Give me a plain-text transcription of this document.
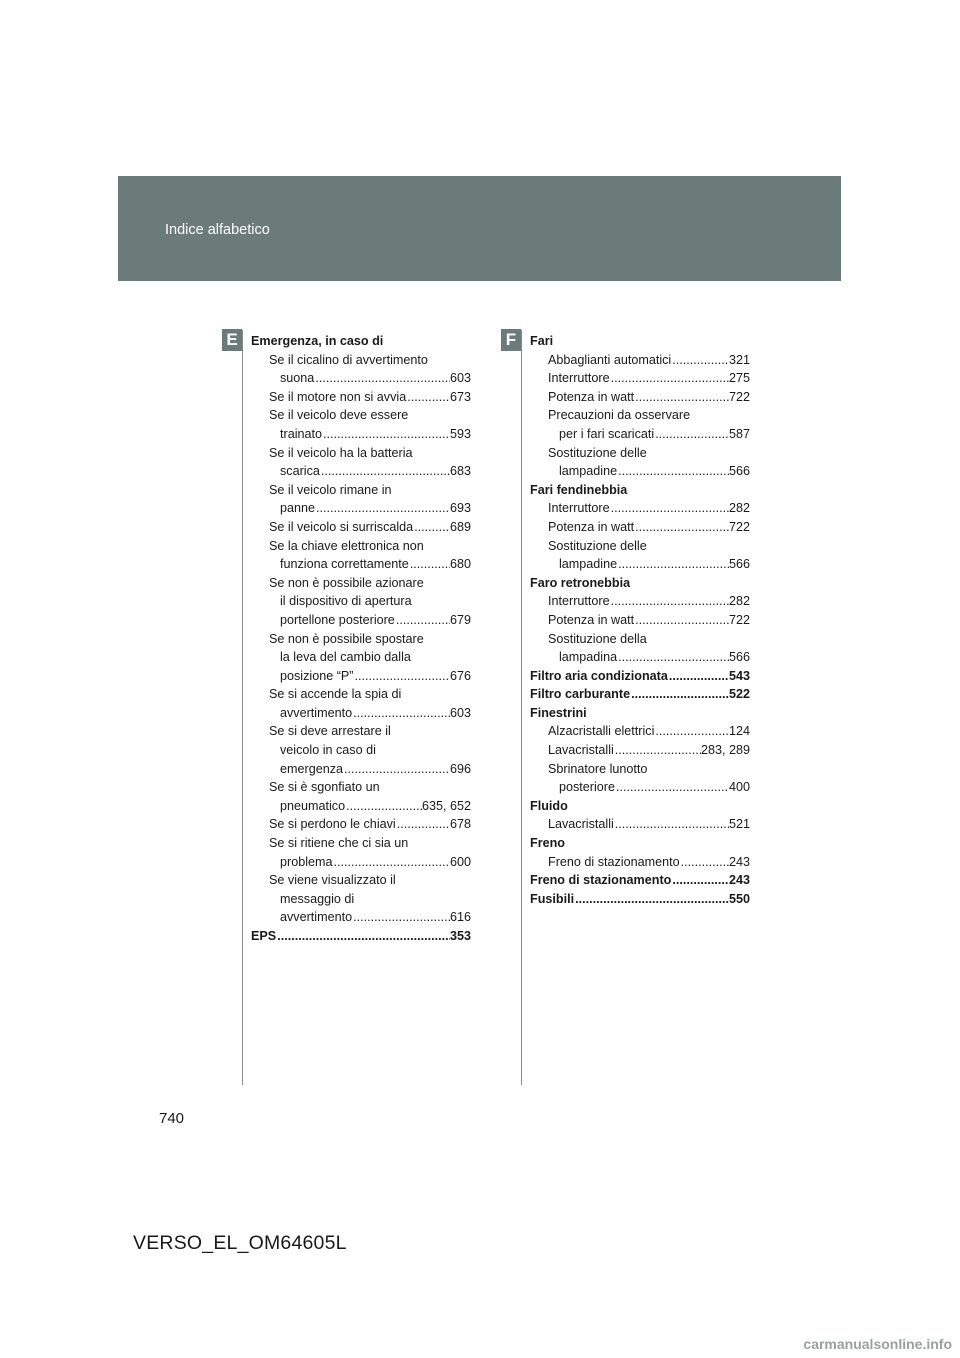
Indice alfabetico
E	F
Emergenza, in caso di
Se il cicalino di avvertimento
suona .....	603
Se il motore non si avvia .....	673
Se il veicolo deve essere
trainato .....	593
Se il veicolo ha la batteria
scarica .....	683
Se il veicolo rimane in
panne .....	693
Se il veicolo si surriscalda .....	689
Se la chiave elettronica non
funziona correttamente .....	680
Se non è possibile azionare
il dispositivo di apertura
portellone posteriore .....	679
Se non è possibile spostare
la leva del cambio dalla
posizione “P” .....	676
Se si accende la spia di
avvertimento .....	603
Se si deve arrestare il
veicolo in caso di
emergenza .....	696
Se si è sgonfiato un
pneumatico .....	635, 652
Se si perdono le chiavi .....	678
Se si ritiene che ci sia un
problema .....	600
Se viene visualizzato il
messaggio di
avvertimento .....	616
EPS .....	353
Fari
Abbaglianti automatici .....	321
Interruttore .....	275
Potenza in watt .....	722
Precauzioni da osservare
per i fari scaricati .....	587
Sostituzione delle
lampadine .....	566
Fari fendinebbia
Interruttore .....	282
Potenza in watt .....	722
Sostituzione delle
lampadine .....	566
Faro retronebbia
Interruttore .....	282
Potenza in watt .....	722
Sostituzione della
lampadina .....	566
Filtro aria condizionata .....	543
Filtro carburante .....	522
Finestrini
Alzacristalli elettrici .....	124
Lavacristalli .....	283, 289
Sbrinatore lunotto
posteriore .....	400
Fluido
Lavacristalli .....	521
Freno
Freno di stazionamento .....	243
Freno di stazionamento .....	243
Fusibili .....	550
740
VERSO_EL_OM64605L
carmanualsonline.info
